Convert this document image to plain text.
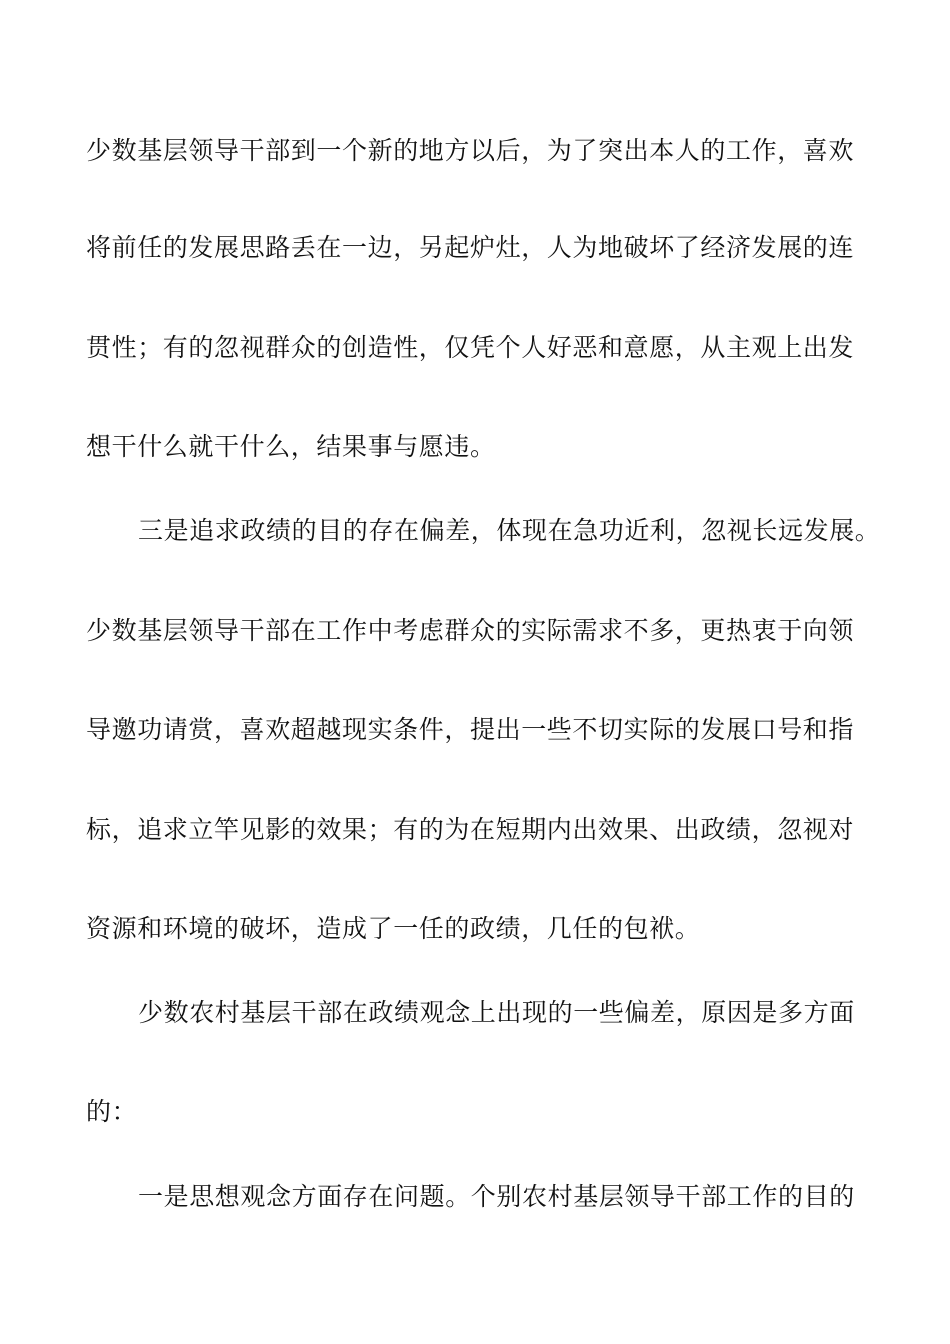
少数基层领导干部到一个新的地方以后，为了突出本人的工作，喜欢
将前任的发展思路丢在一边，另起炉灶，人为地破坏了经济发展的连
贯性；有的忽视群众的创造性，仅凭个人好恶和意愿，从主观上出发
想干什么就干什么，结果事与愿违。
三是追求政绩的目的存在偏差，体现在急功近利，忽视长远发展。
少数基层领导干部在工作中考虑群众的实际需求不多，更热衷于向领
导邀功请赏，喜欢超越现实条件，提出一些不切实际的发展口号和指
标，追求立竿见影的效果；有的为在短期内出效果、出政绩，忽视对
资源和环境的破坏，造成了一任的政绩，几任的包袱。
少数农村基层干部在政绩观念上出现的一些偏差，原因是多方面
的：
一是思想观念方面存在问题。个别农村基层领导干部工作的目的
